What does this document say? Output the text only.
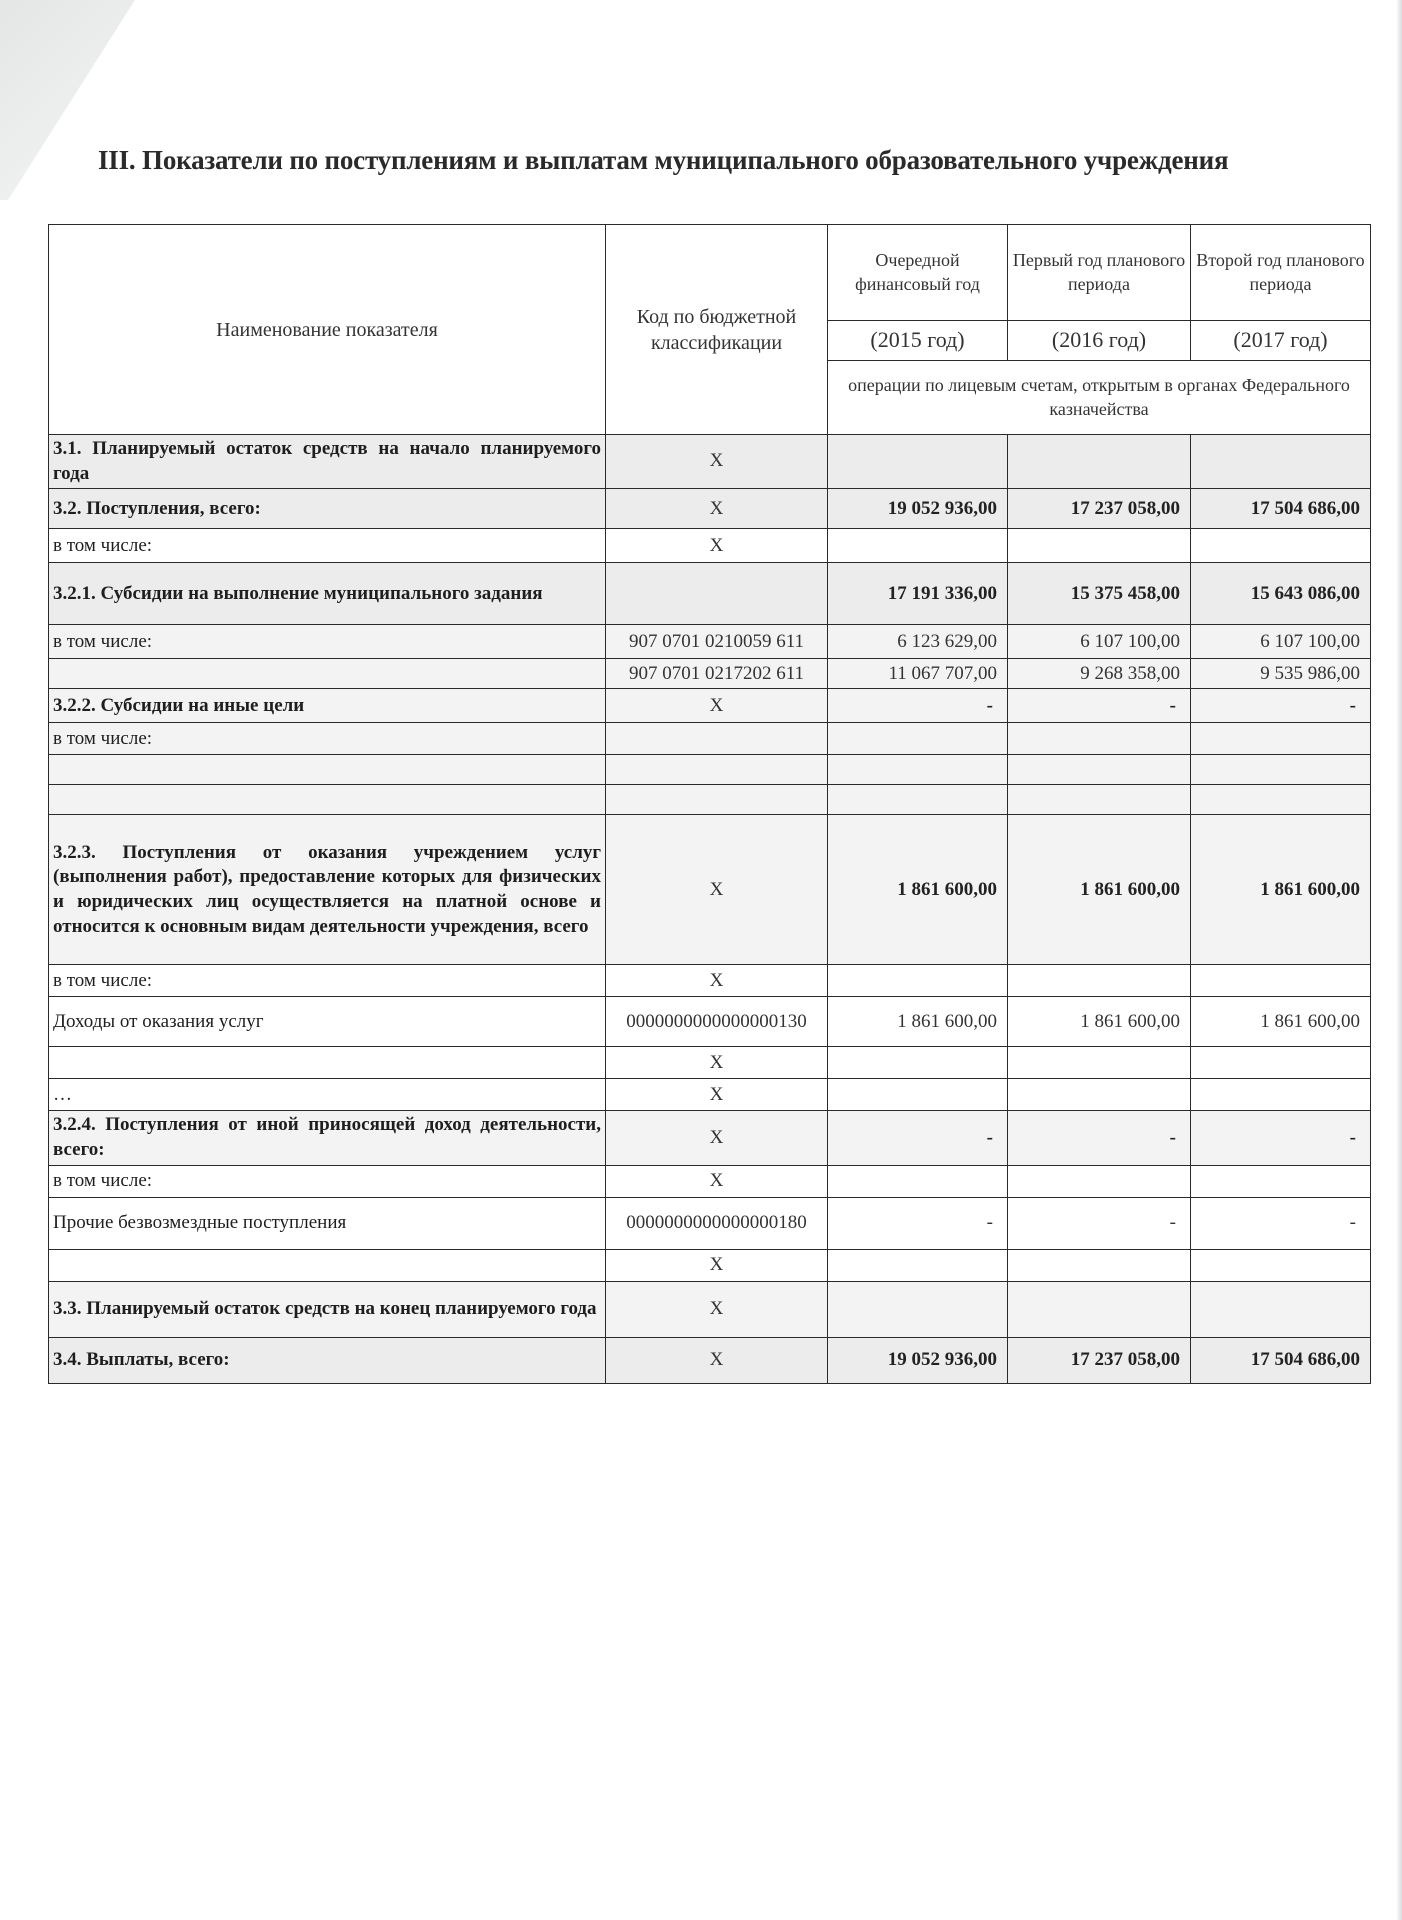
III. Показатели по поступлениям и выплатам муниципального образовательного учреждения
Наименование показателя	Код по бюджетной классификации	Очередной финансовый год	Первый год планового периода	Второй год планового периода
		(2015 год)	(2016 год)	(2017 год)
		операции по лицевым счетам, открытым в органах Федерального казначейства		
3.1. Планируемый остаток средств на начало планируемого года	X			
3.2. Поступления, всего:	X	19 052 936,00	17 237 058,00	17 504 686,00
в том числе:	X			
3.2.1. Субсидии на выполнение муниципального задания		17 191 336,00	15 375 458,00	15 643 086,00
в том числе:	907 0701 0210059 611	6 123 629,00	6 107 100,00	6 107 100,00
	907 0701 0217202 611	11 067 707,00	9 268 358,00	9 535 986,00
3.2.2. Субсидии на иные цели	X	-	-	-
в том числе:				

3.2.3. Поступления от оказания учреждением услуг (выполнения работ), предоставление которых для физических и юридических лиц осуществляется на платной основе и относится к основным видам деятельности учреждения, всего	X	1 861 600,00	1 861 600,00	1 861 600,00
в том числе:	X			
Доходы от оказания услуг	0000000000000000130	1 861 600,00	1 861 600,00	1 861 600,00
	X			
…	X			
3.2.4. Поступления от иной приносящей доход деятельности, всего:	X	-	-	-
в том числе:	X			
Прочие безвозмездные поступления	0000000000000000180	-	-	-
	X			
3.3. Планируемый остаток средств на конец планируемого года	X			
3.4. Выплаты, всего:	X	19 052 936,00	17 237 058,00	17 504 686,00
